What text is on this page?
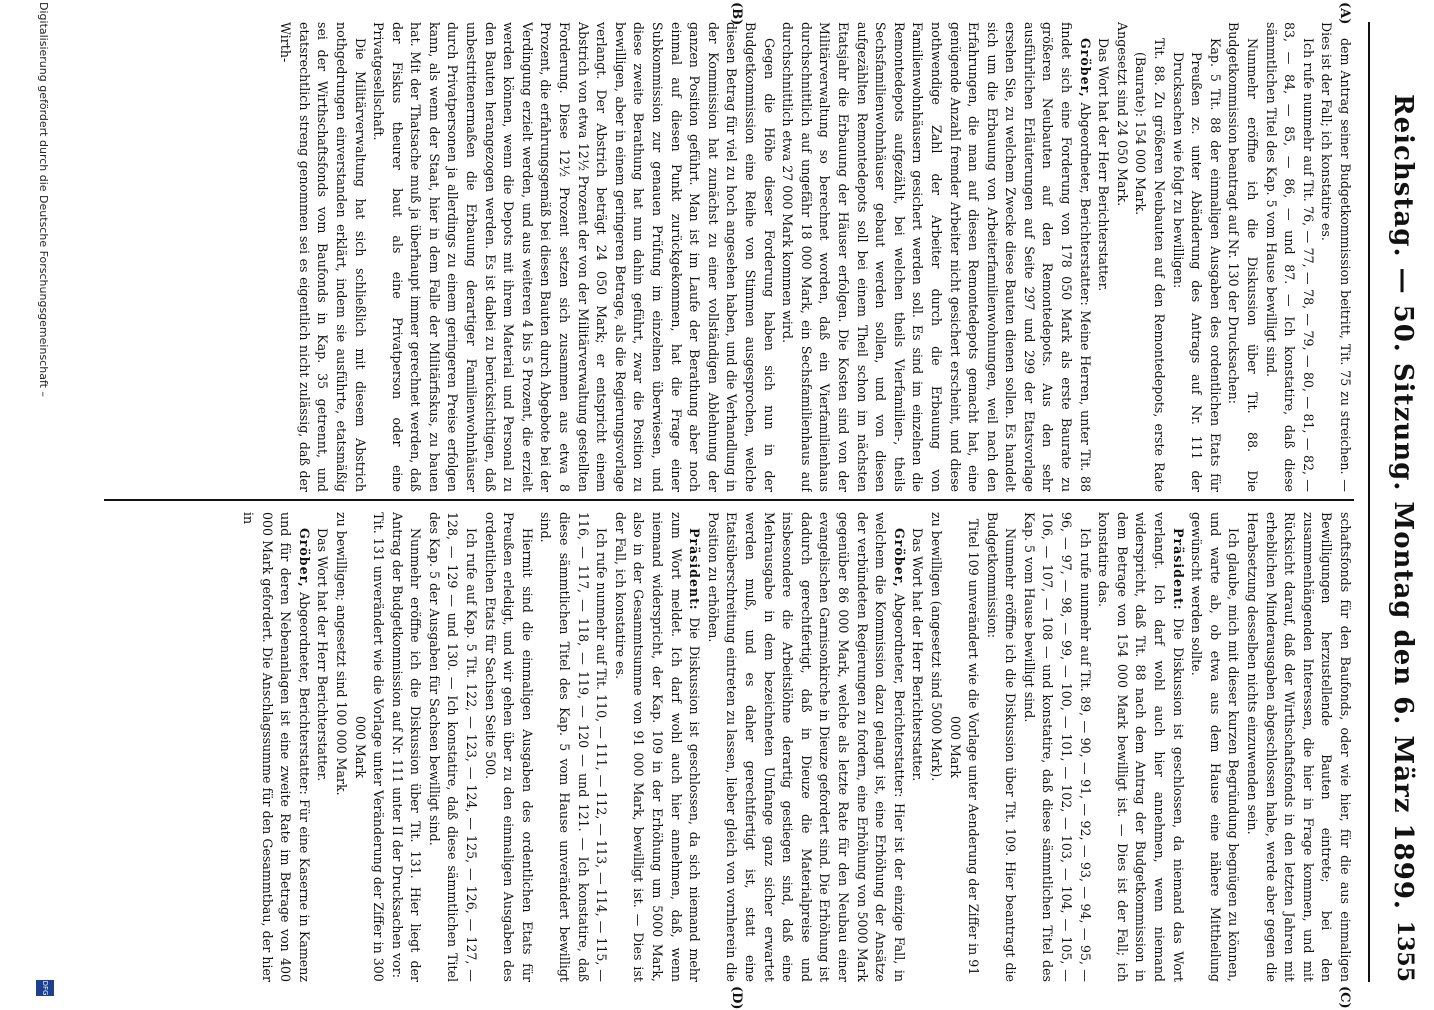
Reichstag. — 50. Sitzung. Montag den 6. März 1899.
1355
(A)
(B)
(C)
(D)

dem Antrag seiner Budgetkommission beitritt, Tit. 75 zu streichen. — Dies ist der Fall; ich konstatire es.

Ich rufe nunmehr auf Tit. 76, — 77, — 78, — 79, — 80, — 81, — 82, — 83, — 84, — 85, — 86, — und 87. — Ich konstatire, daß diese sämmtlichen Titel des Kap. 5 vom Hause bewilligt sind.

Nunmehr eröffne ich die Diskussion über Tit. 88. Die Budgetkommission beantragt auf Nr. 130 der Drucksachen:

Kap. 5 Tit. 88 der einmaligen Ausgaben des ordentlichen Etats für Preußen zc. unter Abänderung des Antrags auf Nr. 111 der Drucksachen wie folgt zu bewilligen:

Tit. 88. Zu größeren Neubauten auf den Remontedepots, erste Rate (Baurate): 154 000 Mark.

Angesetzt sind 24 050 Mark.

Das Wort hat der Herr Berichterstatter.

Gröber, Abgeordneter, Berichterstatter: Meine Herren, unter Tit. 88 findet sich eine Forderung von 178 050 Mark als erste Baurate zu größeren Neubauten auf den Remontedepots. Aus den sehr ausführlichen Erläuterungen auf Seite 297 und 299 der Etatsvorlage ersehen Sie, zu welchem Zwecke diese Bauten dienen sollen. Es handelt sich um die Erbauung von Arbeiterfamilienwohnungen, weil nach den Erfahrungen, die man auf diesen Remontedepots gemacht hat, eine genügende Anzahl fremder Arbeiter nicht gesichert erscheint, und diese nothwendige Zahl der Arbeiter durch die Erbauung von Familienwohnhäusern gesichert werden soll. Es sind im einzelnen die Remontedepots aufgezählt, bei welchen theils Vierfamilien-, theils Sechsfamilienwohnhäuser gebaut werden sollen, und von diesen aufgezählten Remontedepots soll bei einem Theil schon im nächsten Etatsjahr die Erbauung der Häuser erfolgen. Die Kosten sind von der Militärverwaltung so berechnet worden, daß ein Vierfamilienhaus durchschnittlich auf ungefähr 18 000 Mark, ein Sechsfamilienhaus auf durchschnittlich etwa 27 000 Mark kommen wird.

Gegen die Höhe dieser Forderung haben sich nun in der Budgetkommission eine Reihe von Stimmen ausgesprochen, welche diesen Betrag für viel zu hoch angesehen haben, und die Verhandlung in der Kommission hat zunächst zu einer vollständigen Ablehnung der ganzen Position geführt. Man ist im Laufe der Berathung aber noch einmal auf diesen Punkt zurückgekommen, hat die Frage einer Subkommission zur genauen Prüfung im einzelnen überwiesen, und diese zweite Berathung hat nun dahin geführt, zwar die Position zu bewilligen, aber in einem geringeren Betrage, als die Regierungsvorlage verlangt. Der Abstrich beträgt 24 050 Mark; er entspricht einem Abstrich von etwa 12½ Prozent der von der Militärverwaltung gestellten Forderung. Diese 12½ Prozent setzen sich zusammen aus etwa 8 Prozent, die erfahrungsgemäß bei diesen Bauten durch Abgebote bei der Verdingung erzielt werden, und aus weiteren 4 bis 5 Prozent, die erzielt werden können, wenn die Depots mit ihrem Material und Personal zu den Bauten herangezogen werden. Es ist dabei zu berücksichtigen, daß unbestrittenermaßen die Erbauung derartiger Familienwohnhäuser durch Privatpersonen ja allerdings zu einem geringeren Preise erfolgen kann, als wenn der Staat, hier in dem Falle der Militärfiskus, zu bauen hat. Mit der Thatsache muß ja überhaupt immer gerechnet werden, daß der Fiskus theurer baut als eine Privatperson oder eine Privatgesellschaft.

Die Militärverwaltung hat sich schließlich mit diesem Abstrich nothgedrungen einverstanden erklärt, indem sie ausführte, etatsmäßig sei der Wirthschaftsfonds vom Baufonds in Kap. 35 getrennt, und etatsrechtlich streng genommen sei es eigentlich nicht zulässig, daß der Wirth-

schaftsfonds für den Baufonds, oder wie hier, für die aus einmaligen Bewilligungen herzustellende Bauten eintrete; bei den zusammenhängenden Interessen, die hier in Frage kommen, und mit Rücksicht darauf, daß der Wirthschaftsfonds in den letzten Jahren mit erheblichen Minderausgaben abgeschlossen habe, werde aber gegen die Herabsetzung desselben nichts einzuwenden sein.

Ich glaube, mich mit dieser kurzen Begründung begnügen zu können, und warte ab, ob etwa aus dem Hause eine nähere Mittheilung gewünscht werden sollte.

Präsident: Die Diskussion ist geschlossen, da niemand das Wort verlangt. Ich darf wohl auch hier annehmen, wenn niemand widerspricht, daß Tit. 88 nach dem Antrag der Budgetkommission in dem Betrage von 154 000 Mark bewilligt ist. — Dies ist der Fall; ich konstatire das.

Ich rufe nunmehr auf Tit. 89, — 90, — 91, — 92, — 93, — 94, — 95, — 96, — 97, — 98, — 99, — 100, — 101, — 102, — 103, — 104, — 105, — 106, — 107, — 108 — und konstatire, daß diese sämmtlichen Titel des Kap. 5 vom Hause bewilligt sind.

Nunmehr eröffne ich die Diskussion über Tit. 109. Hier beantragt die Budgetkommission:

Titel 109 unverändert wie die Vorlage unter Aenderung der Ziffer in 91 000 Mark

zu bewilligen (angesetzt sind 5000 Mark).

Das Wort hat der Herr Berichterstatter.

Gröber, Abgeordneter, Berichterstatter: Hier ist der einzige Fall, in welchem die Kommission dazu gelangt ist, eine Erhöhung der Ansätze der verbündeten Regierungen zu fordern, eine Erhöhung von 5000 Mark gegenüber 86 000 Mark, welche als letzte Rate für den Neubau einer evangelischen Garnisonkirche in Dieuze gefordert sind. Die Erhöhung ist dadurch gerechtfertigt, daß in Dieuze die Materialpreise und insbesondere die Arbeitslöhne derartig gestiegen sind, daß eine Mehrausgabe in dem bezeichneten Umfange ganz sicher erwartet werden muß, und es daher gerechtfertigt ist, statt eine Etatsüberschreitung eintreten zu lassen, lieber gleich von vornherein die Position zu erhöhen.

Präsident: Die Diskussion ist geschlossen, da sich niemand mehr zum Wort meldet. Ich darf wohl auch hier annehmen, daß, wenn niemand widerspricht, der Kap. 109 in der Erhöhung um 5000 Mark, also in der Gesammtsumme von 91 000 Mark, bewilligt ist. — Dies ist der Fall, ich konstatire es.

Ich rufe nunmehr auf Tit. 110, — 111, — 112, — 113, — 114, — 115, — 116, — 117, — 118, — 119, — 120 — und 121. — Ich konstatire, daß diese sämmtlichen Titel des Kap. 5 vom Hause unverändert bewilligt sind.

Hiermit sind die einmaligen Ausgaben des ordentlichen Etats für Preußen erledigt, und wir gehen über zu den einmaligen Ausgaben des ordentlichen Etats für Sachsen Seite 500.

Ich rufe auf Kap. 5 Tit. 122, — 123, — 124, — 125, — 126, — 127, — 128, — 129 — und 130. — Ich konstatire, daß diese sämmtlichen Titel des Kap. 5 der Ausgaben für Sachsen bewilligt sind.

Nunmehr eröffne ich die Diskussion über Tit. 131. Hier liegt der Antrag der Budgetkommission auf Nr. 111 unter II der Drucksachen vor:

Tit. 131 unverändert wie die Vorlage unter Veränderung der Ziffer in 300 000 Mark

zu bewilligen; angesetzt sind 100 000 Mark.

Das Wort hat der Herr Berichterstatter.

Gröber, Abgeordneter, Berichterstatter: Für eine Kaserne in Kamenz und für deren Nebenanlagen ist eine zweite Rate im Betrage von 400 000 Mark gefordert. Die Anschlagssumme für den Gesammtbau, der hier in

Digitalisierung gefördert durch die Deutsche Forschungsgemeinschaft –
DFG
